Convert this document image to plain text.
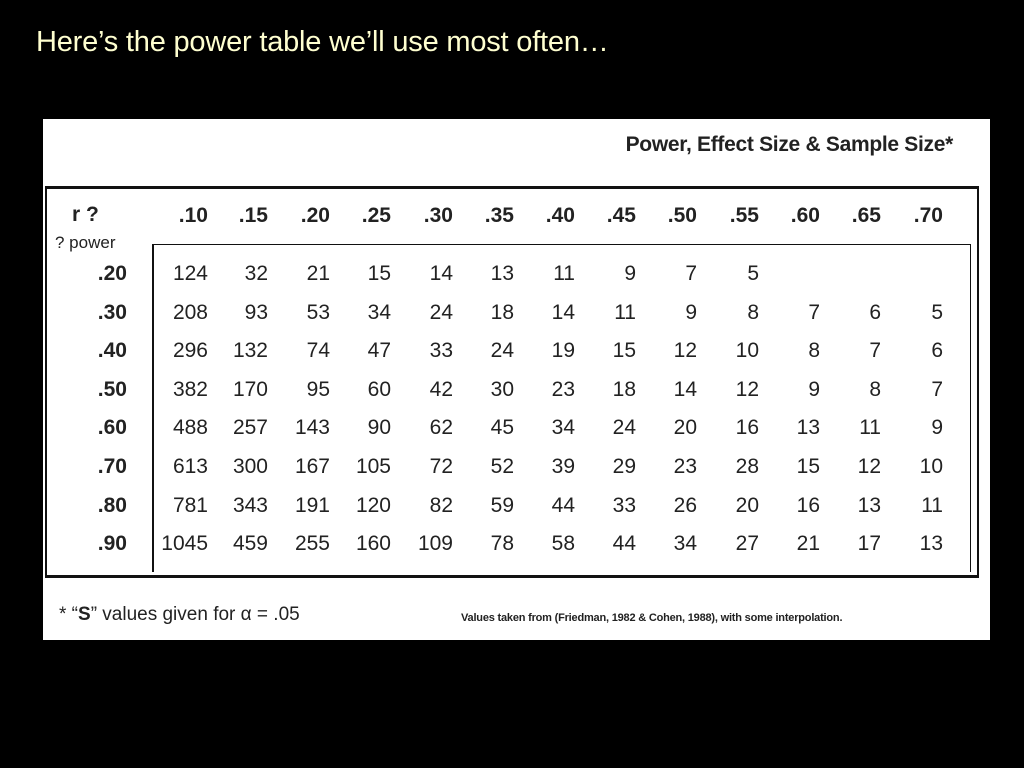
Here’s the power table we’ll use most often…
Power, Effect Size & Sample Size*
r ?
? power
.10 .15 .20 .25 .30 .35 .40 .45 .50 .55 .60 .65 .70
.20 124 32 21 15 14 13 11 9 7 5
.30 208 93 53 34 24 18 14 11 9 8 7 6 5
.40 296 132 74 47 33 24 19 15 12 10 8 7 6
.50 382 170 95 60 42 30 23 18 14 12 9 8 7
.60 488 257 143 90 62 45 34 24 20 16 13 11 9
.70 613 300 167 105 72 52 39 29 23 28 15 12 10
.80 781 343 191 120 82 59 44 33 26 20 16 13 11
.90 1045 459 255 160 109 78 58 44 34 27 21 17 13
* “S” values given for α = .05	Values taken from (Friedman, 1982 & Cohen, 1988), with some interpolation.
